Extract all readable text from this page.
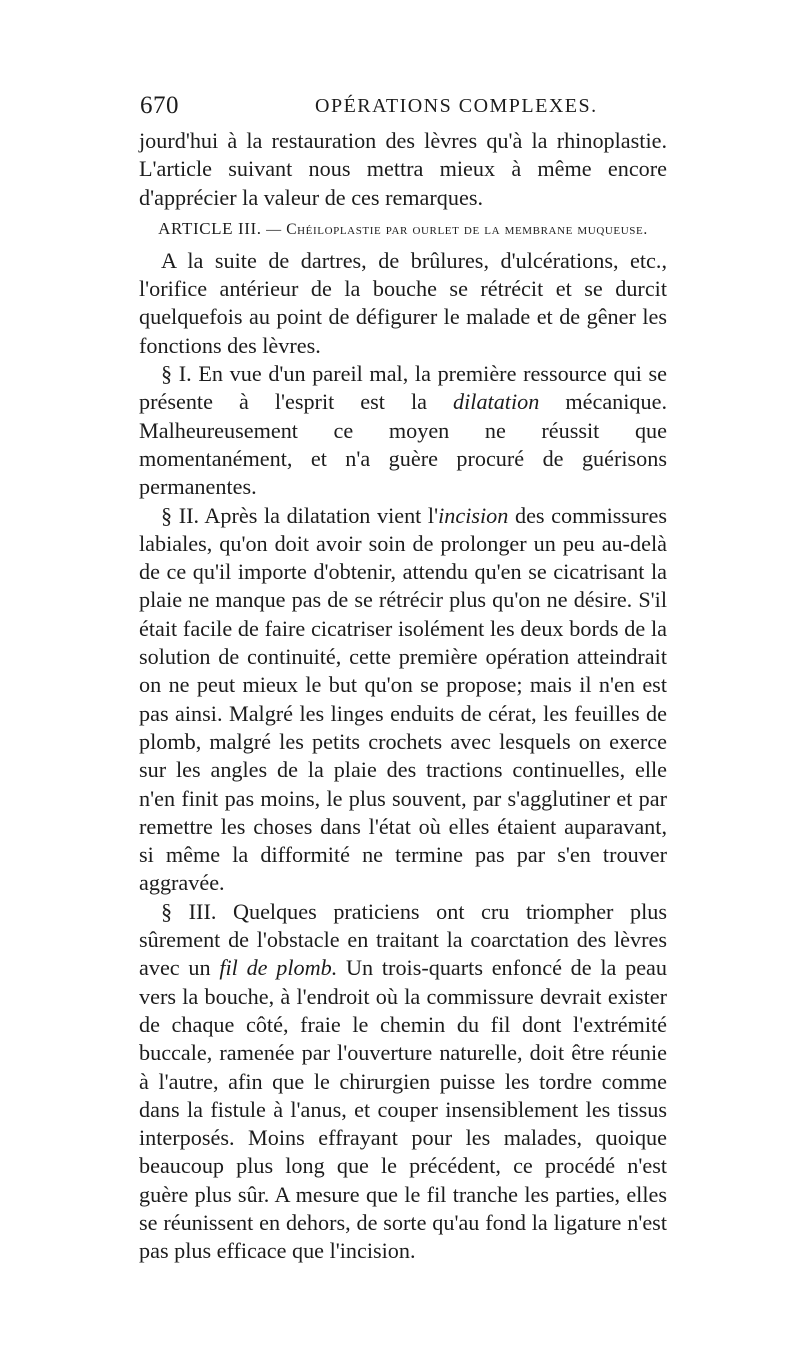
670	OPÉRATIONS COMPLEXES.

jourd'hui à la restauration des lèvres qu'à la rhinoplastie. L'article suivant nous mettra mieux à même encore d'apprécier la valeur de ces remarques.

ARTICLE III. — Chéiloplastie par ourlet de la membrane muqueuse.

A la suite de dartres, de brûlures, d'ulcérations, etc., l'orifice antérieur de la bouche se rétrécit et se durcit quelquefois au point de défigurer le malade et de gêner les fonctions des lèvres.

§ I. En vue d'un pareil mal, la première ressource qui se présente à l'esprit est la dilatation mécanique. Malheureusement ce moyen ne réussit que momentanément, et n'a guère procuré de guérisons permanentes.

§ II. Après la dilatation vient l'incision des commissures labiales, qu'on doit avoir soin de prolonger un peu au-delà de ce qu'il importe d'obtenir, attendu qu'en se cicatrisant la plaie ne manque pas de se rétrécir plus qu'on ne désire. S'il était facile de faire cicatriser isolément les deux bords de la solution de continuité, cette première opération atteindrait on ne peut mieux le but qu'on se propose; mais il n'en est pas ainsi. Malgré les linges enduits de cérat, les feuilles de plomb, malgré les petits crochets avec lesquels on exerce sur les angles de la plaie des tractions continuelles, elle n'en finit pas moins, le plus souvent, par s'agglutiner et par remettre les choses dans l'état où elles étaient auparavant, si même la difformité ne termine pas par s'en trouver aggravée.

§ III. Quelques praticiens ont cru triompher plus sûrement de l'obstacle en traitant la coarctation des lèvres avec un fil de plomb. Un trois-quarts enfoncé de la peau vers la bouche, à l'endroit où la commissure devrait exister de chaque côté, fraie le chemin du fil dont l'extrémité buccale, ramenée par l'ouverture naturelle, doit être réunie à l'autre, afin que le chirurgien puisse les tordre comme dans la fistule à l'anus, et couper insensiblement les tissus interposés. Moins effrayant pour les malades, quoique beaucoup plus long que le précédent, ce procédé n'est guère plus sûr. A mesure que le fil tranche les parties, elles se réunissent en dehors, de sorte qu'au fond la ligature n'est pas plus efficace que l'incision.
